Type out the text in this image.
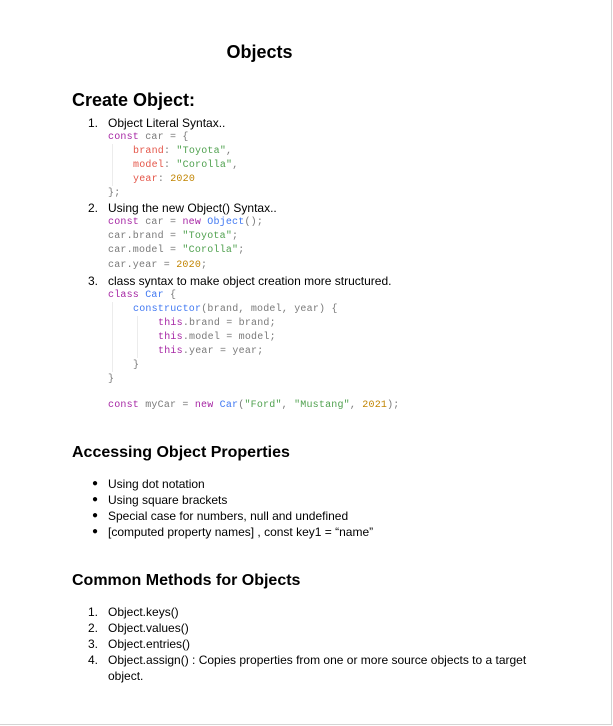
Objects
Create Object:
1. Object Literal Syntax..
const car = {
brand: "Toyota",
model: "Corolla",
year: 2020
};
2. Using the new Object() Syntax..
const car = new Object();
car.brand = "Toyota";
car.model = "Corolla";
car.year = 2020;
3. class syntax to make object creation more structured.
class Car {
constructor(brand, model, year) {
this.brand = brand;
this.model = model;
this.year = year;
}
}
const myCar = new Car("Ford", "Mustang", 2021);
Accessing Object Properties
● Using dot notation
● Using square brackets
● Special case for numbers, null and undefined
● [computed property names] , const key1 = “name”
Common Methods for Objects
1. Object.keys()
2. Object.values()
3. Object.entries()
4. Object.assign() : Copies properties from one or more source objects to a target
object.
